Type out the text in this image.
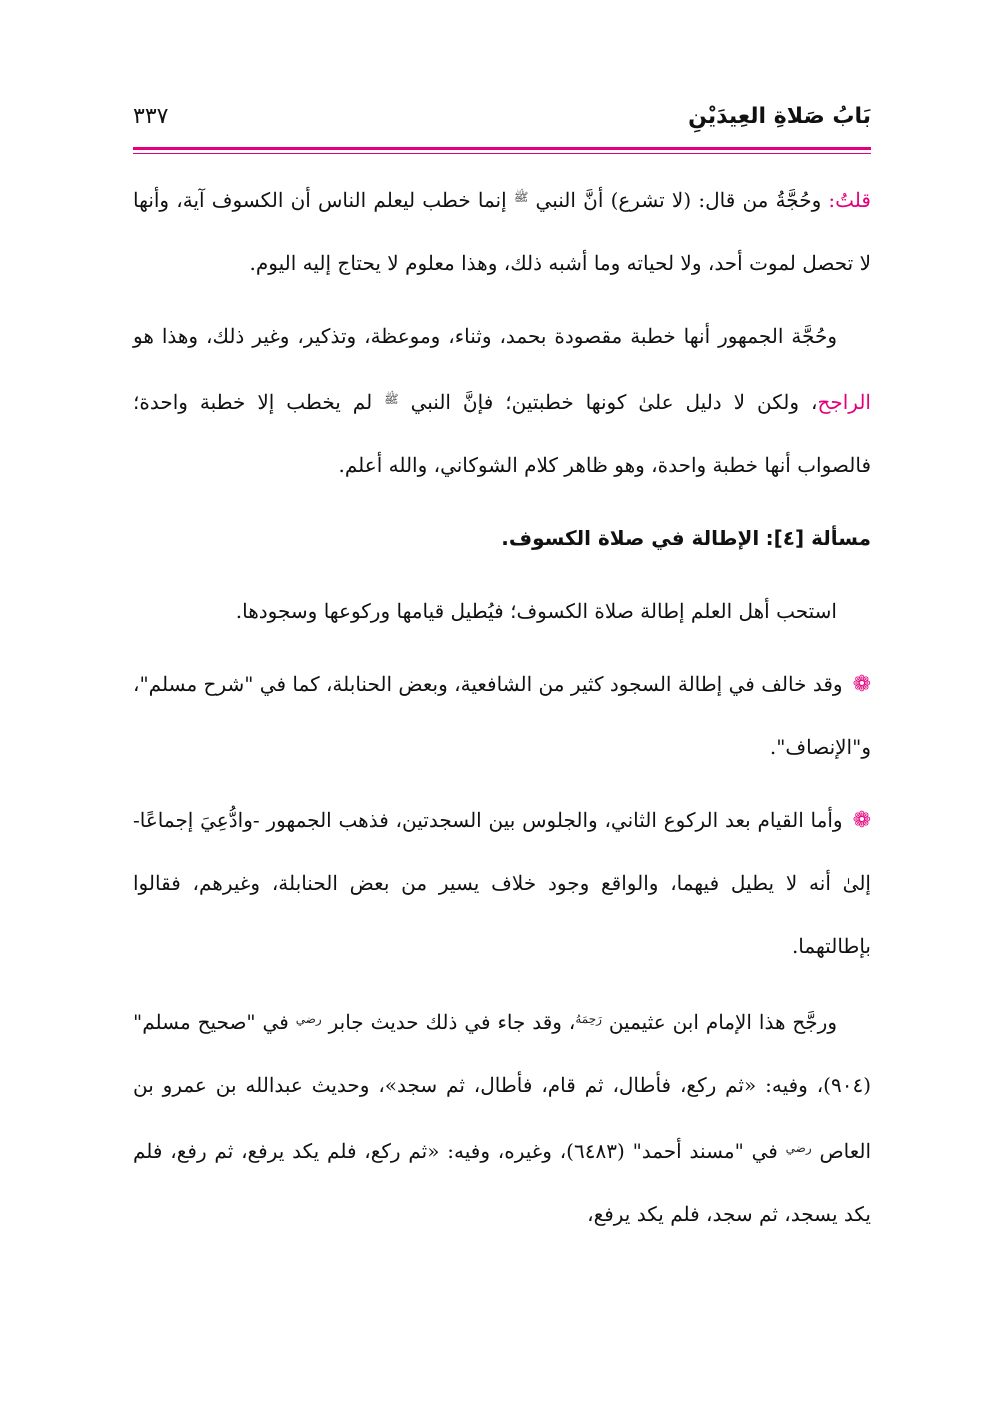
بَابُ صَلاةِ العِيدَيْنِ
٣٣٧

قلتُ: وحُجَّةُ من قال: (لا تشرع) أنَّ النبي $^ﷺ$ إنما خطب ليعلم الناس أن الكسوف آية، وأنها لا تحصل لموت أحد، ولا لحياته وما أشبه ذلك، وهذا معلوم لا يحتاج إليه اليوم.

وحُجَّة الجمهور أنها خطبة مقصودة بحمد، وثناء، وموعظة، وتذكير، وغير ذلك، وهذا هو الراجح، ولكن لا دليل علىٰ كونها خطبتين؛ فإنَّ النبي $^ﷺ$ لم يخطب إلا خطبة واحدة؛ فالصواب أنها خطبة واحدة، وهو ظاهر كلام الشوكاني، والله أعلم.

مسألة [٤]: الإطالة في صلاة الكسوف.

استحب أهل العلم إطالة صلاة الكسوف؛ فيُطيل قيامها وركوعها وسجودها.

❁وقد خالف في إطالة السجود كثير من الشافعية، وبعض الحنابلة، كما في "شرح مسلم"، و"الإنصاف".

❁وأما القيام بعد الركوع الثاني، والجلوس بين السجدتين، فذهب الجمهور -وادُّعِيَ إجماعًا- إلىٰ أنه لا يطيل فيهما، والواقع وجود خلاف يسير من بعض الحنابلة، وغيرهم، فقالوا بإطالتهما.

ورجَّح هذا الإمام ابن عثيمين $^{رَحِمَهُ}$، وقد جاء في ذلك حديث جابر $^{رضي}$ في "صحيح مسلم" (٩٠٤)، وفيه: «ثم ركع، فأطال، ثم قام، فأطال، ثم سجد»، وحديث عبدالله بن عمرو بن العاص $^{رضي}$ في "مسند أحمد" (٦٤٨٣)، وغيره، وفيه: «ثم ركع، فلم يكد يرفع، ثم رفع، فلم يكد يسجد، ثم سجد، فلم يكد يرفع،
